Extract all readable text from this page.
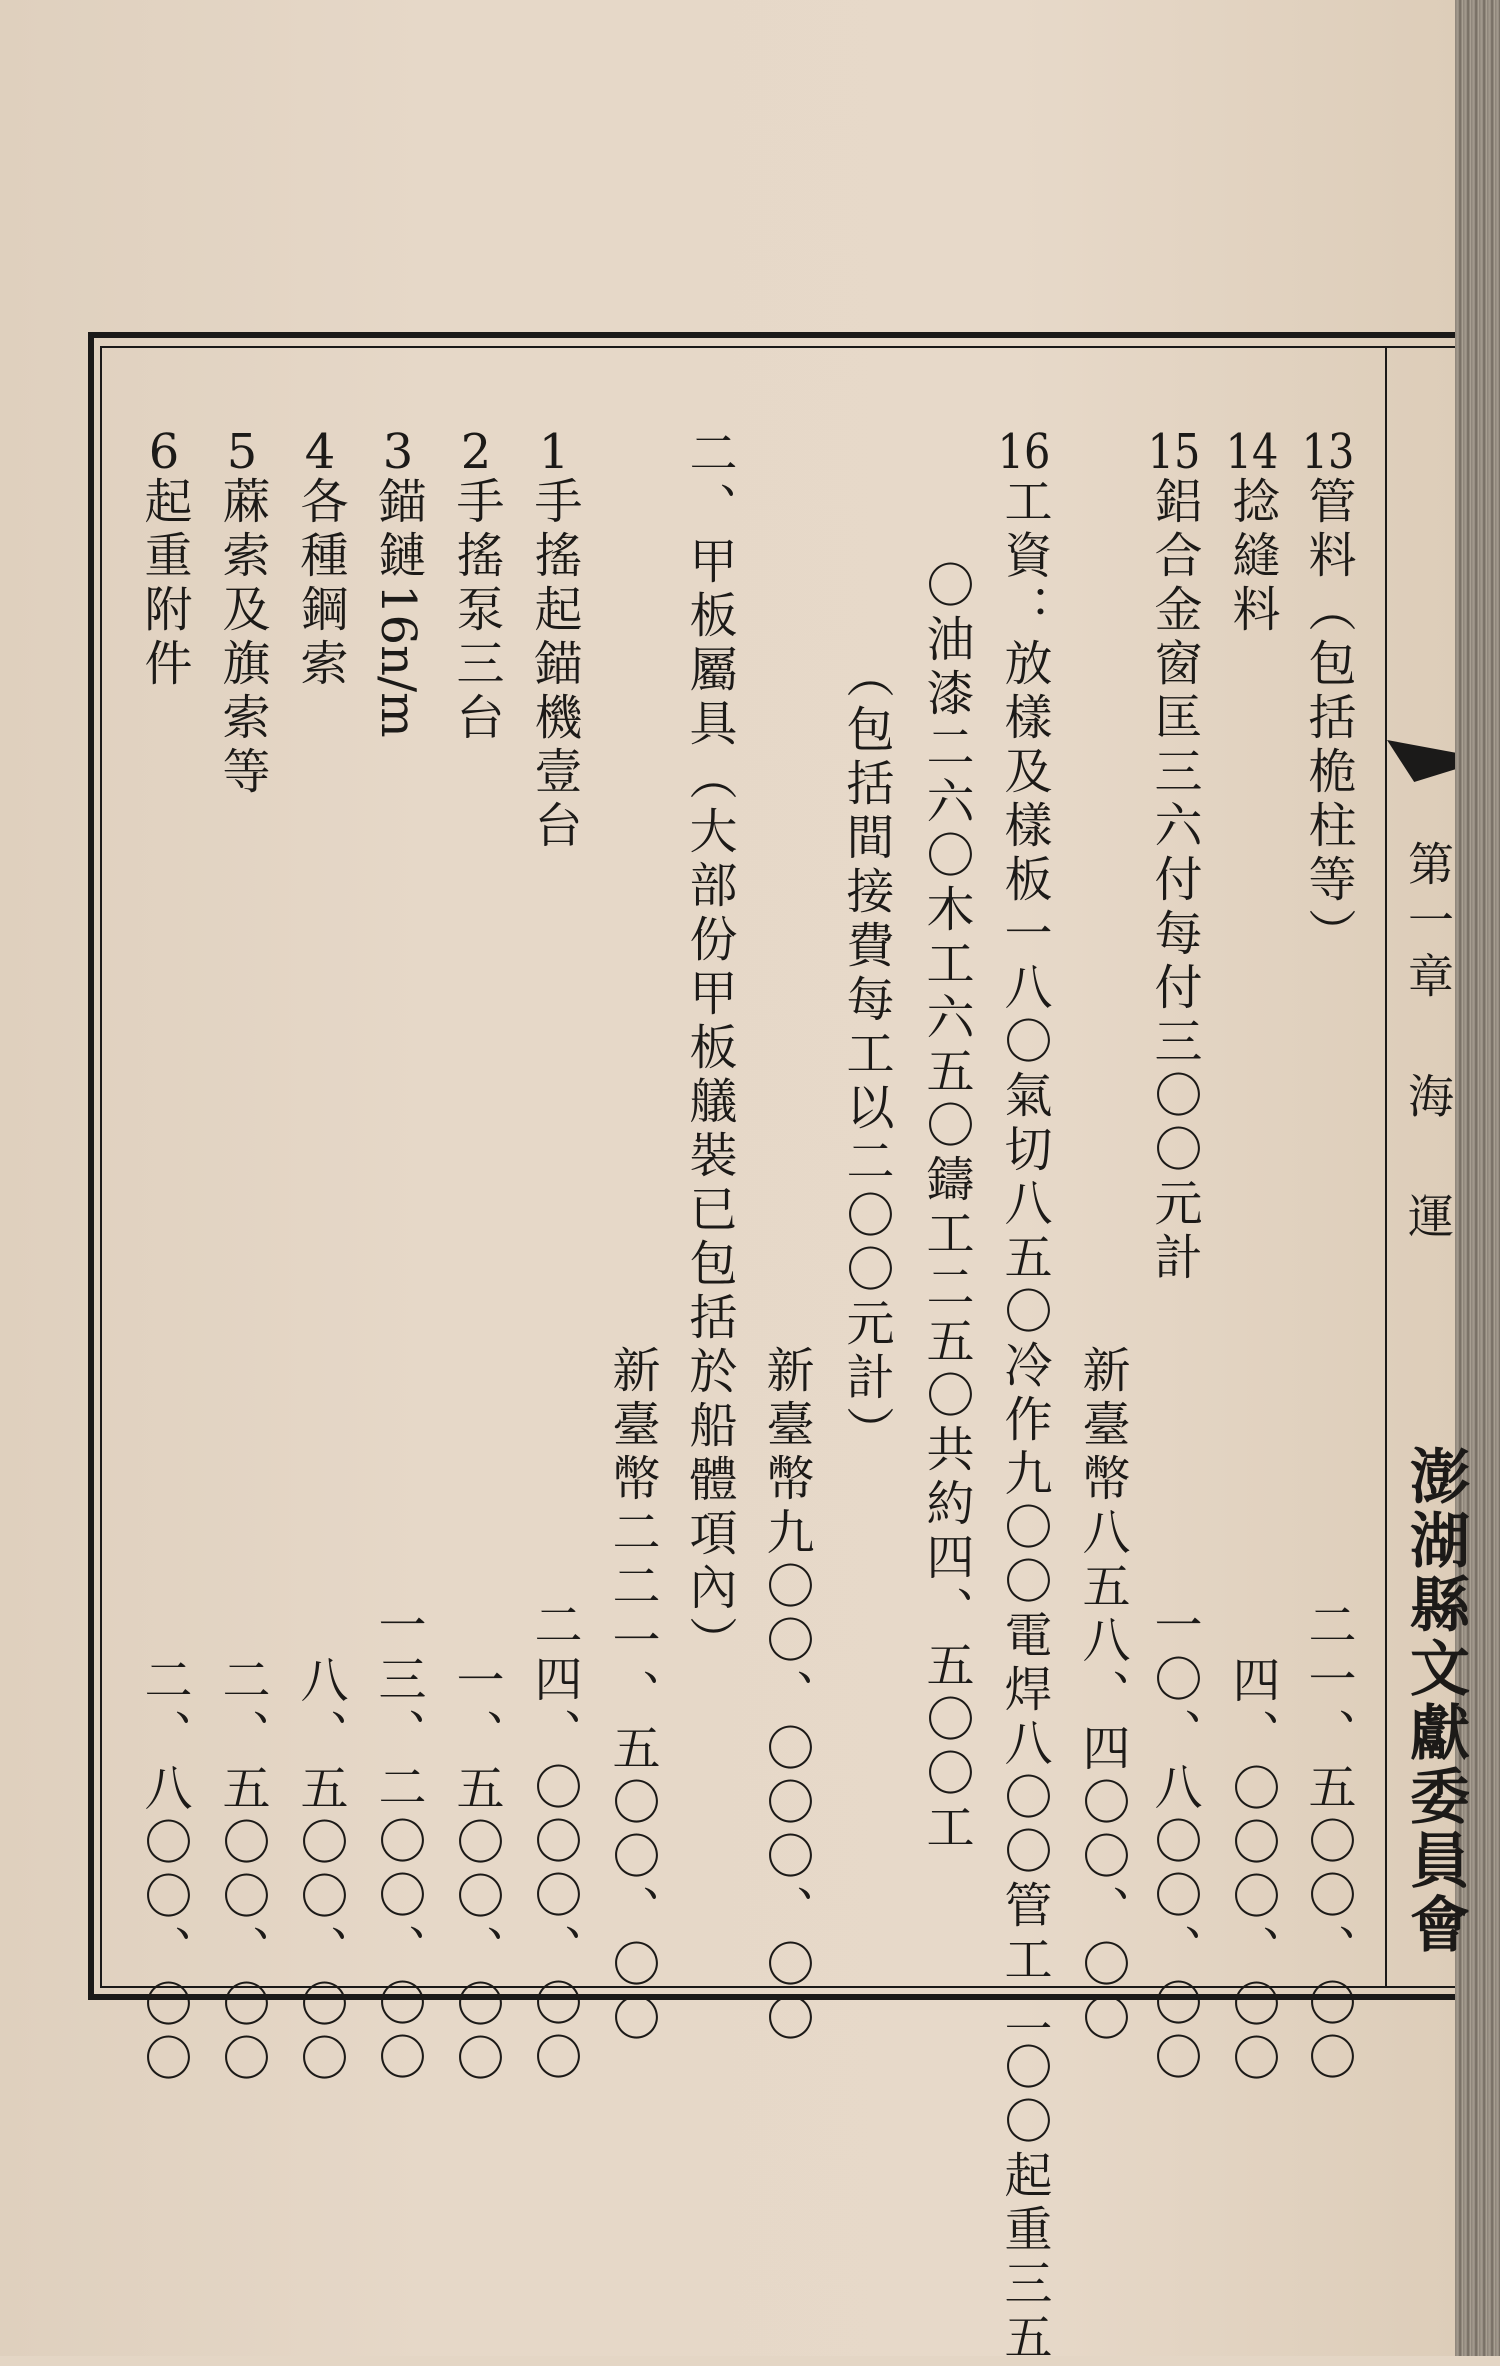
第一章 海 運
澎湖縣文獻委員會
13管料（包括桅柱等）
二一、五〇〇、〇〇
14捻縫料
四、〇〇〇、〇〇
15鋁合金窗匡三六付每付三〇〇元計
一〇、八〇〇、〇〇
16工資：放樣及樣板一八〇氣切八五〇冷作九〇〇電焊八〇〇管工二〇〇起重三五
〇油漆二六〇木工六五〇鑄工二五〇共約四、五〇〇工
（包括間接費每工以二〇〇元計）
新臺幣八五八、四〇〇、〇〇
新臺幣九〇〇、〇〇〇、〇〇
二、甲板屬具（大部份甲板艤裝已包括於船體項內）
新臺幣二二一、五〇〇、〇〇
1手搖起錨機壹台
二四、〇〇〇、〇〇
2手搖泵三台
一、五〇〇、〇〇
3錨鏈16n/m
一三、二〇〇、〇〇
4各種鋼索
八、五〇〇、〇〇
5蔴索及旗索等
二、五〇〇、〇〇
6起重附件
二、八〇〇、〇〇
